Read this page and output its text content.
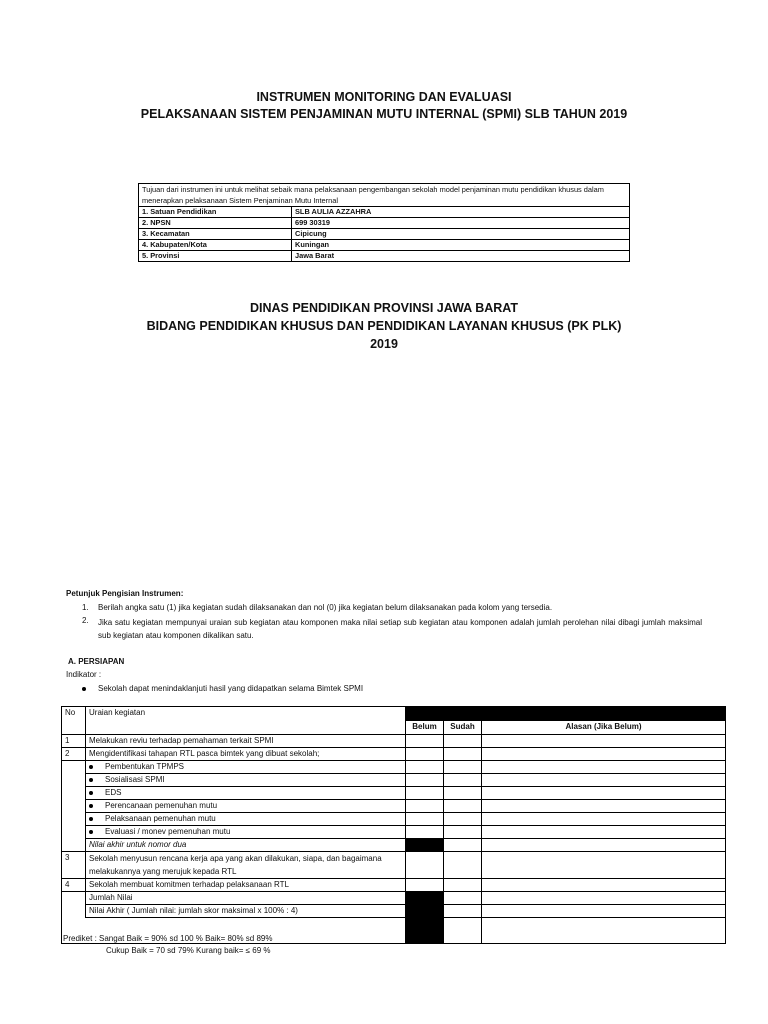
INSTRUMEN MONITORING DAN EVALUASI
PELAKSANAAN SISTEM PENJAMINAN MUTU INTERNAL (SPMI) SLB TAHUN 2019
Tujuan dari instrumen ini untuk melihat sebaik mana pelaksanaan pengembangan sekolah model penjaminan mutu pendidikan khusus dalam menerapkan pelaksanaan Sistem Penjaminan Mutu Internal	
1. Satuan Pendidikan	SLB AULIA AZZAHRA
2. NPSN	699 30319
3. Kecamatan	Cipicung
4. Kabupaten/Kota	Kuningan
5. Provinsi	Jawa Barat
DINAS PENDIDIKAN PROVINSI JAWA BARAT
BIDANG PENDIDIKAN KHUSUS DAN PENDIDIKAN LAYANAN KHUSUS (PK PLK)
2019
Petunjuk Pengisian Instrumen:
1. Berilah angka satu (1) jika kegiatan sudah dilaksanakan dan nol (0) jika kegiatan belum dilaksanakan pada kolom yang tersedia.
2. Jika satu kegiatan mempunyai uraian sub kegiatan atau komponen maka nilai setiap sub kegiatan atau komponen adalah jumlah perolehan nilai dibagi jumlah maksimal sub kegiatan atau komponen dikalikan satu.
A. PERSIAPAN
Indikator :
Sekolah dapat menindaklanjuti hasil yang didapatkan selama Bimtek SPMI
No	Uraian kegiatan			
		Belum	Sudah	Alasan (Jika Belum)
1	Melakukan reviu terhadap pemahaman terkait SPMI			
2	Mengidentifikasi tahapan RTL pasca bimtek yang dibuat sekolah;			
	Pembentukan TPMPS			
	Sosialisasi SPMI			
	EDS			
	Perencanaan pemenuhan mutu			
	Pelaksanaan pemenuhan mutu			
	Evaluasi / monev pemenuhan mutu			
	Nilai akhir untuk nomor dua			
3	Sekolah menyusun rencana kerja apa yang akan dilakukan, siapa, dan bagaimana melakukannya yang merujuk kepada RTL			
4	Sekolah membuat komitmen terhadap pelaksanaan RTL			
	Jumlah Nilai			
	Nilai Akhir ( Jumlah nilai: jumlah skor maksimal x 100% : 4)			

Prediket : Sangat Baik = 90% sd 100 % Baik= 80% sd 89%
Cukup Baik = 70 sd 79% Kurang baik= ≤ 69 %
